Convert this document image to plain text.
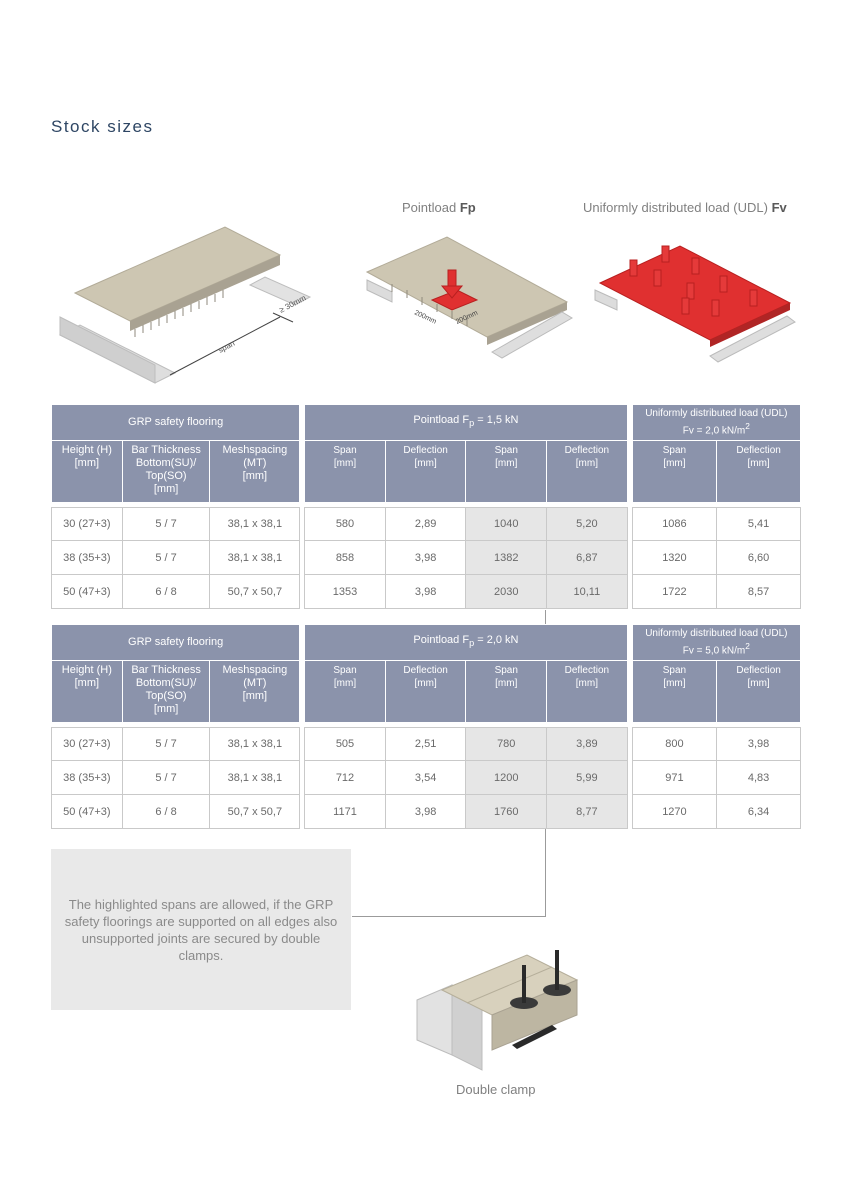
Stock sizes
span
≥ 30mm
Pointload Fp
200mm	200mm
Uniformly distributed load (UDL) Fv
GRP safety flooring				Pointload $F_p = 1,5$ kN					Uniformly distributed load (UDL)
Fv = 2,0 $kN/m^2$

Height (H)
[mm]	Bar Thickness
Bottom(SU)/
Top(SO)
[mm]	Meshspacing
(MT)
[mm]		Span
[mm]	Deflection
[mm]	Span
[mm]	Deflection
[mm]		Span
[mm]	Deflection
[mm]

30 (27+3)	5 / 7	38,1 x 38,1		580	2,89	1040	5,20		1086	5,41
38 (35+3)	5 / 7	38,1 x 38,1		858	3,98	1382	6,87		1320	6,60
50 (47+3)	6 / 8	50,7 x 50,7		1353	3,98	2030	10,11		1722	8,57
GRP safety flooring				Pointload $F_p = 2,0$ kN					Uniformly distributed load (UDL)
Fv = 5,0 $kN/m^2$

Height (H)
[mm]	Bar Thickness
Bottom(SU)/
Top(SO)
[mm]	Meshspacing
(MT)
[mm]		Span
[mm]	Deflection
[mm]	Span
[mm]	Deflection
[mm]		Span
[mm]	Deflection
[mm]

30 (27+3)	5 / 7	38,1 x 38,1		505	2,51	780	3,89		800	3,98
38 (35+3)	5 / 7	38,1 x 38,1		712	3,54	1200	5,99		971	4,83
50 (47+3)	6 / 8	50,7 x 50,7		1171	3,98	1760	8,77		1270	6,34
The highlighted spans are allowed, if the GRP safety floorings are supported on all edges also unsupported joints are secured by double clamps.
Double clamp
